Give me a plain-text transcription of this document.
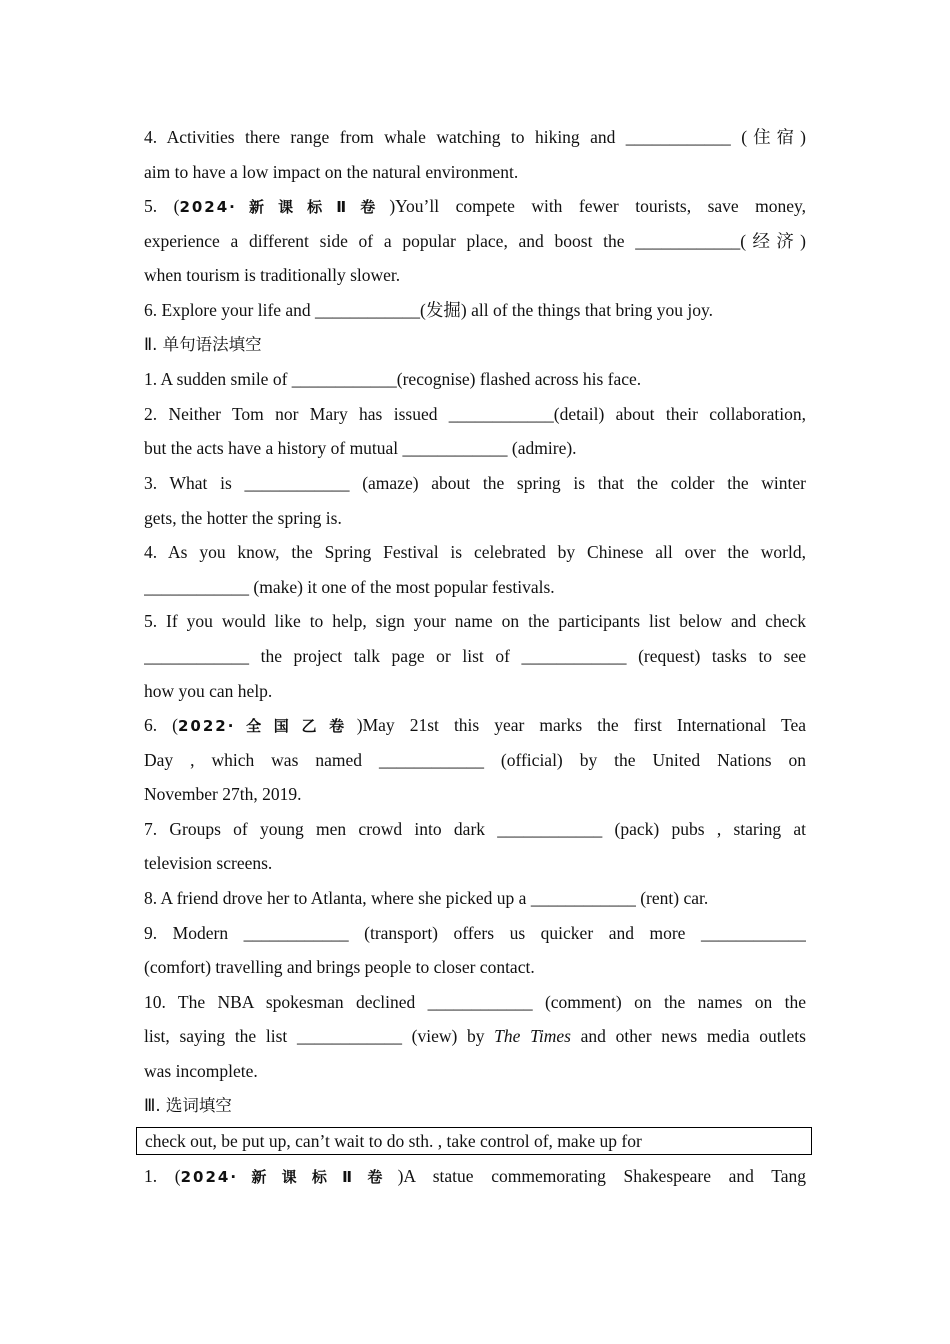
4. Activities there range from whale watching to hiking and ____________ (住宿)
aim to have a low impact on the natural environment.
5. (2024·新课标Ⅱ卷)You’ll compete with fewer tourists, save money,
experience a different side of a popular place, and boost the ____________(经济)
when tourism is traditionally slower.
6. Explore your life and ____________(发掘) all of the things that bring you joy.
Ⅱ. 单句语法填空
1. A sudden smile of ____________(recognise) flashed across his face.
2. Neither Tom nor Mary has issued ____________(detail) about their collaboration,
but the acts have a history of mutual ____________ (admire).
3. What is ____________ (amaze) about the spring is that the colder the winter
gets, the hotter the spring is.
4. As you know, the Spring Festival is celebrated by Chinese all over the world,
____________ (make) it one of the most popular festivals.
5. If you would like to help, sign your name on the participants list below and check
____________ the project talk page or list of ____________ (request) tasks to see
how you can help.
6. (2022·全国乙卷)May 21st this year marks the first International Tea
Day , which was named ____________ (official) by the United Nations on
November 27th, 2019.
7. Groups of young men crowd into dark ____________ (pack) pubs , staring at
television screens.
8. A friend drove her to Atlanta, where she picked up a ____________ (rent) car.
9. Modern ____________ (transport) offers us quicker and more ____________
(comfort) travelling and brings people to closer contact.
10. The NBA spokesman declined ____________ (comment) on the names on the
list, saying the list ____________ (view) by The Times and other news media outlets
was incomplete.
Ⅲ. 选词填空
check out, be put up, can’t wait to do sth. , take control of, make up for
1. (2024·新课标Ⅱ卷)A statue commemorating Shakespeare and Tang
